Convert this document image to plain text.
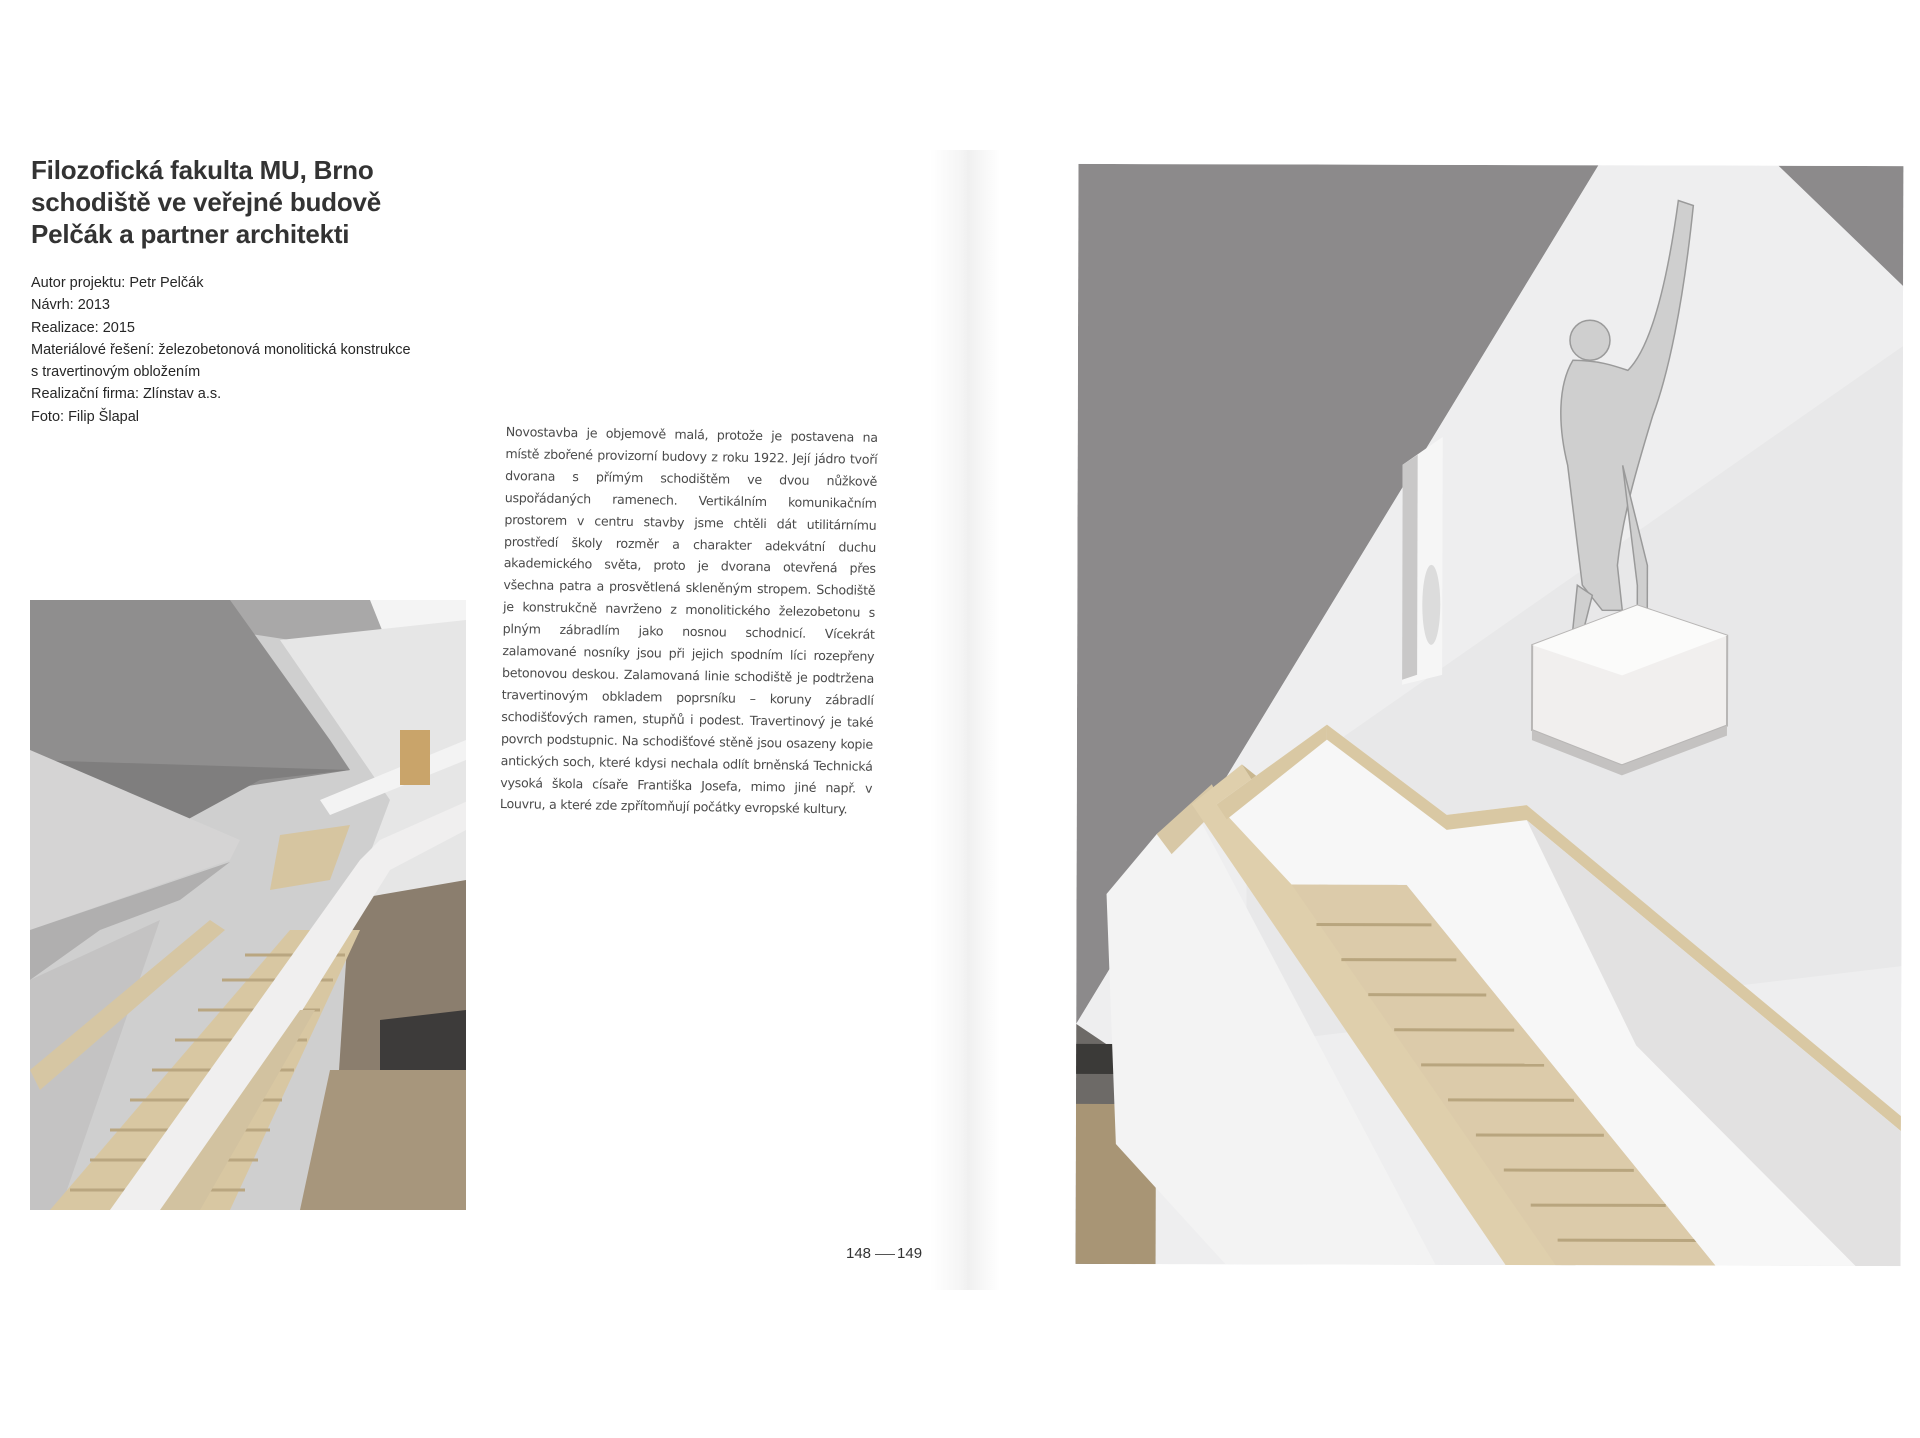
Filozofická fakulta MU, Brno
schodiště ve veřejné budově
Pelčák a partner architekti
Autor projektu: Petr Pelčák
Návrh: 2013
Realizace: 2015
Materiálové řešení: železobetonová monolitická konstrukce
s travertinovým obložením
Realizační firma: Zlínstav a.s.
Foto: Filip Šlapal
Novostavba je objemově malá, protože je postavena na místě zbořené provizorní budovy z roku 1922. Její jádro tvoří dvorana s přímým schodištěm ve dvou nůžkově uspořádaných ramenech. Vertikálním komunikačním prostorem v centru stavby jsme chtěli dát utilitárnímu prostředí školy rozměr a charakter adekvátní duchu akademického světa, proto je dvorana otevřená přes všechna patra a prosvětlená skleněným stropem. Schodiště je konstrukčně navrženo z monolitického železobetonu s plným zábradlím jako nosnou schodnicí. Vícekrát zalamované nosníky jsou při jejich spodním líci rozepřeny betonovou deskou. Zalamovaná linie schodiště je podtržena travertinovým obkladem poprsníku – koruny zábradlí schodišťových ramen, stupňů i podest. Travertinový je také povrch podstupnic. Na schodišťové stěně jsou osazeny kopie antických soch, které kdysi nechala odlít brněnská Technická vysoká škola císaře Františka Josefa, mimo jiné např. v Louvru, a které zde zpřítomňují počátky evropské kultury.
148 149
